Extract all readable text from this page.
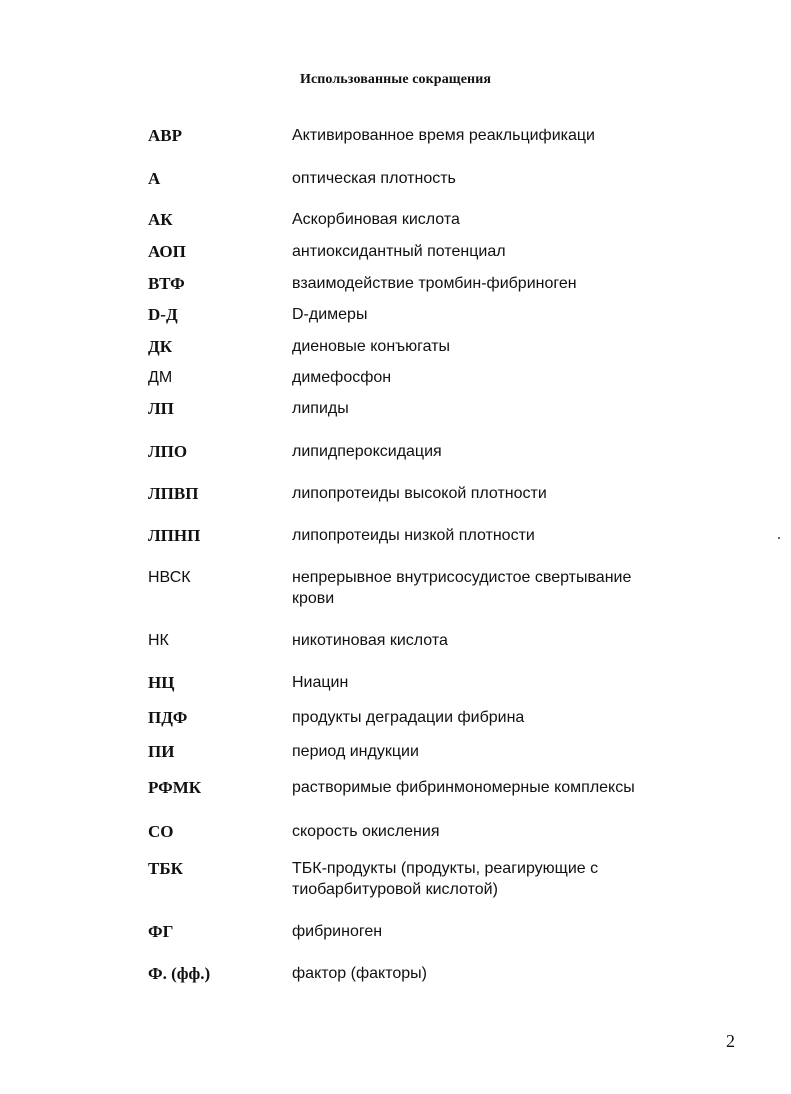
Использованные сокращения
АВР	Активированное время реакльцификаци
А	оптическая плотность
АК	Аскорбиновая кислота
АОП	антиоксидантный потенциал
ВТФ	взаимодействие тромбин-фибриноген
D-Д	D-димеры
ДК	диеновые конъюгаты
ДМ	димефосфон
ЛП	липиды
ЛПО	липидпероксидация
ЛПВП	липопротеиды высокой плотности
ЛПНП	липопротеиды низкой плотности
НВСК	непрерывное внутрисосудистое свертывание крови
НК	никотиновая кислота
НЦ	Ниацин
ПДФ	продукты деградации фибрина
ПИ	период индукции
РФМК	растворимые фибринмономерные комплексы
СО	скорость окисления
ТБК	ТБК-продукты (продукты, реагирующие с тиобарбитуровой кислотой)
ФГ	фибриноген
Ф. (фф.)	фактор (факторы)
2
